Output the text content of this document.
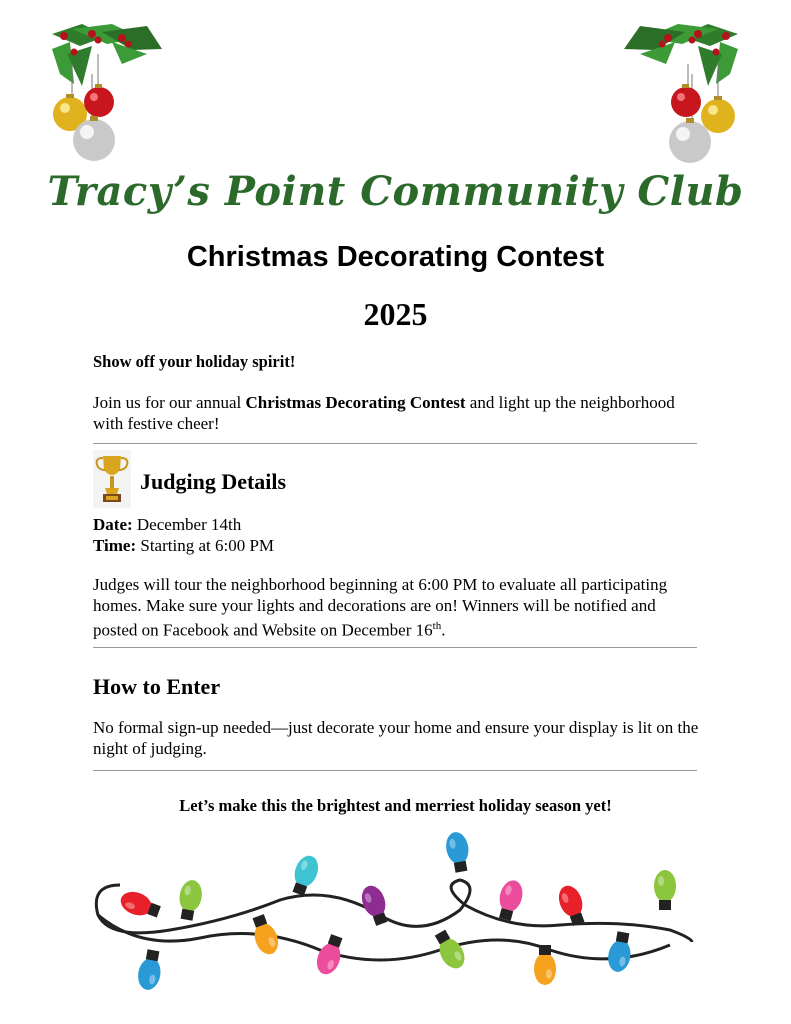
Tracy’s Point Community Club
Christmas Decorating Contest
2025
Show off your holiday spirit!
Join us for our annual Christmas Decorating Contest and light up the neighborhood with festive cheer!
Judging Details
Date: December 14th
Time: Starting at 6:00 PM
Judges will tour the neighborhood beginning at 6:00 PM to evaluate all participating homes. Make sure your lights and decorations are on! Winners will be notified and posted on Facebook and Website on December 16th.
How to Enter
No formal sign-up needed—just decorate your home and ensure your display is lit on the night of judging.
Let’s make this the brightest and merriest holiday season yet!
